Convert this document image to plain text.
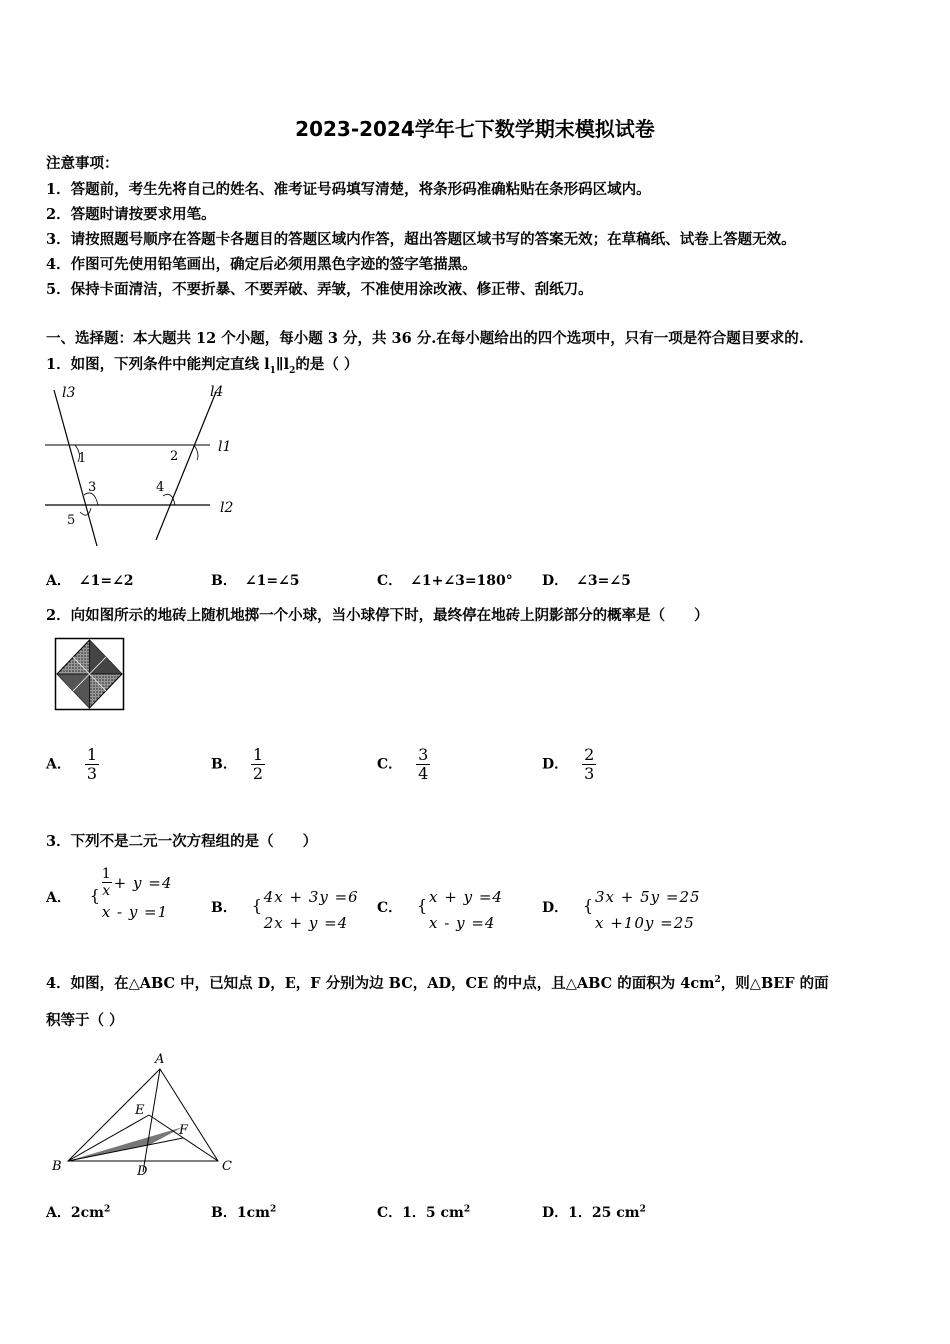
2023-2024学年七下数学期末模拟试卷
注意事项：
1．答题前，考生先将自己的姓名、准考证号码填写清楚，将条形码准确粘贴在条形码区域内。
2．答题时请按要求用笔。
3．请按照题号顺序在答题卡各题目的答题区域内作答，超出答题区域书写的答案无效；在草稿纸、试卷上答题无效。
4．作图可先使用铅笔画出，确定后必须用黑色字迹的签字笔描黑。
5．保持卡面清洁，不要折暴、不要弄破、弄皱，不准使用涂改液、修正带、刮纸刀。
一、选择题：本大题共 12 个小题，每小题 3 分，共 36 分.在每小题给出的四个选项中，只有一项是符合题目要求的.
1．如图，下列条件中能判定直线 $l_1\parallel l_2$的是（ ）
l3	l4
l1
l2
1	2
3	4
5
A． ∠1=∠2	B． ∠1=∠5	C． ∠1+∠3=180° D． ∠3=∠5
2．向如图所示的地砖上随机地掷一个小球，当小球停下时，最终停在地砖上阴影部分的概率是（　　）
A． $\frac{1}{3}$	B． $\frac{1}{2}$	C． $\frac{3}{4}$	D． $\frac{2}{3}$
3．下列不是二元一次方程组的是（　　）
A． { $\frac{1}{x} + y =4$
x - y =1	B． { 4x + 3y =6
2x + y =4
C． { x + y =4
x - y =4
D． { 3x + 5y =25
x +10y =25
4．如图，在△ABC 中，已知点 D，E，F 分别为边 BC，AD，CE 的中点，且△ABC 的面积为 $4cm^2$，则△BEF 的面
积等于（ ）
A
B	C
D
E
F
A．$2cm^2$	B．$1cm^2$	C．1．5 $cm^2$	D．1．25 $cm^2$
